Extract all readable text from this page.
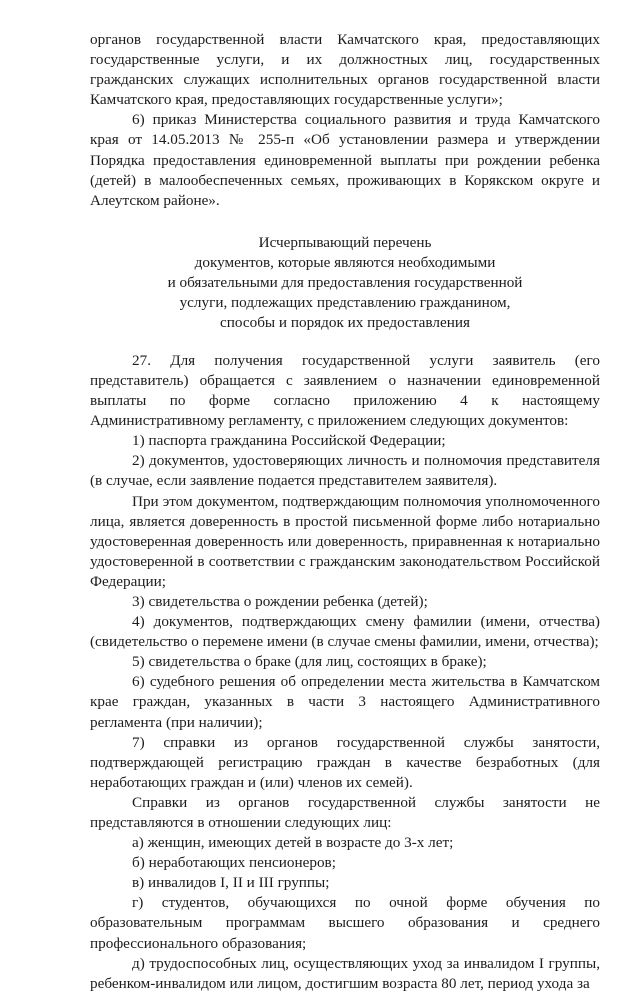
органов государственной власти Камчатского края, предоставляющих государственные услуги, и их должностных лиц, государственных гражданских служащих исполнительных органов государственной власти Камчатского края, предоставляющих государственные услуги»;

6) приказ Министерства социального развития и труда Камчатского края от 14.05.2013 № 255-п «Об установлении размера и утверждении Порядка предоставления единовременной выплаты при рождении ребенка (детей) в малообеспеченных семьях, проживающих в Корякском округе и Алеутском районе».

Исчерпывающий перечень
документов, которые являются необходимыми
и обязательными для предоставления государственной
услуги, подлежащих представлению гражданином,
способы и порядок их предоставления

27. Для получения государственной услуги заявитель (его представитель) обращается с заявлением о назначении единовременной выплаты по форме согласно приложению 4 к настоящему Административному регламенту, с приложением следующих документов:

1) паспорта гражданина Российской Федерации;

2) документов, удостоверяющих личность и полномочия представителя (в случае, если заявление подается представителем заявителя).

При этом документом, подтверждающим полномочия уполномоченного лица, является доверенность в простой письменной форме либо нотариально удостоверенная доверенность или доверенность, приравненная к нотариально удостоверенной в соответствии с гражданским законодательством Российской Федерации;

3) свидетельства о рождении ребенка (детей);

4) документов, подтверждающих смену фамилии (имени, отчества) (свидетельство о перемене имени (в случае смены фамилии, имени, отчества);

5) свидетельства о браке (для лиц, состоящих в браке);

6) судебного решения об определении места жительства в Камчатском крае граждан, указанных в части 3 настоящего Административного регламента (при наличии);

7) справки из органов государственной службы занятости, подтверждающей регистрацию граждан в качестве безработных (для неработающих граждан и (или) членов их семей).

Справки из органов государственной службы занятости не представляются в отношении следующих лиц:

а) женщин, имеющих детей в возрасте до 3-х лет;

б) неработающих пенсионеров;

в) инвалидов I, II и III группы;

г) студентов, обучающихся по очной форме обучения по образовательным программам высшего образования и среднего профессионального образования;

д) трудоспособных лиц, осуществляющих уход за инвалидом I группы, ребенком-инвалидом или лицом, достигшим возраста 80 лет, период ухода за
